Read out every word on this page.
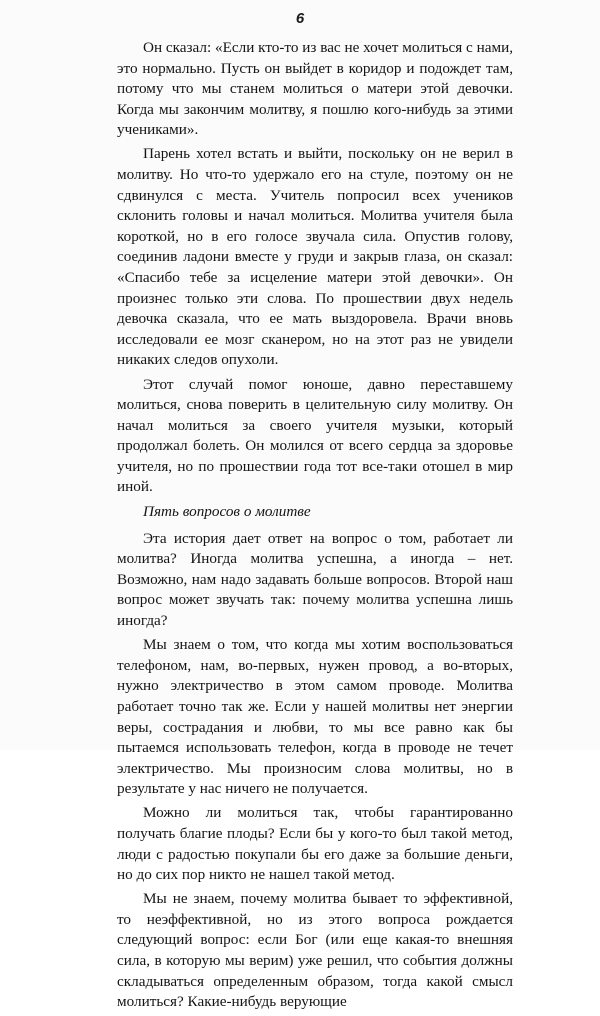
6

Он сказал: «Если кто-то из вас не хочет молиться с нами, это нормально. Пусть он выйдет в коридор и подождет там, потому что мы станем молиться о матери этой девочки. Когда мы закончим молитву, я пошлю кого-нибудь за этими учениками».

Парень хотел встать и выйти, поскольку он не верил в молитву. Но что-то удержало его на стуле, поэтому он не сдвинулся с места. Учитель попросил всех учеников склонить головы и начал молиться. Молитва учителя была короткой, но в его голосе звучала сила. Опустив голову, соединив ладони вместе у груди и закрыв глаза, он сказал: «Спасибо тебе за исцеление матери этой девочки». Он произнес только эти слова. По прошествии двух недель девочка сказала, что ее мать выздоровела. Врачи вновь исследовали ее мозг сканером, но на этот раз не увидели никаких следов опухоли.

Этот случай помог юноше, давно переставшему молиться, снова поверить в целительную силу молитву. Он начал молиться за своего учителя музыки, который продолжал болеть. Он молился от всего сердца за здоровье учителя, но по прошествии года тот все-таки отошел в мир иной.

Пять вопросов о молитве

Эта история дает ответ на вопрос о том, работает ли молитва? Иногда молитва успешна, а иногда – нет. Возможно, нам надо задавать больше вопросов. Второй наш вопрос может звучать так: почему молитва успешна лишь иногда?

Мы знаем о том, что когда мы хотим воспользоваться телефоном, нам, во-первых, нужен провод, а во-вторых, нужно электричество в этом самом проводе. Молитва работает точно так же. Если у нашей молитвы нет энергии веры, сострадания и любви, то мы все равно как бы пытаемся использовать телефон, когда в проводе не течет электричество. Мы произносим слова молитвы, но в результате у нас ничего не получается.

Можно ли молиться так, чтобы гарантированно получать благие плоды? Если бы у кого-то был такой метод, люди с радостью покупали бы его даже за большие деньги, но до сих пор никто не нашел такой метод.

Мы не знаем, почему молитва бывает то эффективной, то неэффективной, но из этого вопроса рождается следующий вопрос: если Бог (или еще какая-то внешняя сила, в которую мы верим) уже решил, что события должны складываться определенным образом, тогда какой смысл молиться? Какие-нибудь верующие
